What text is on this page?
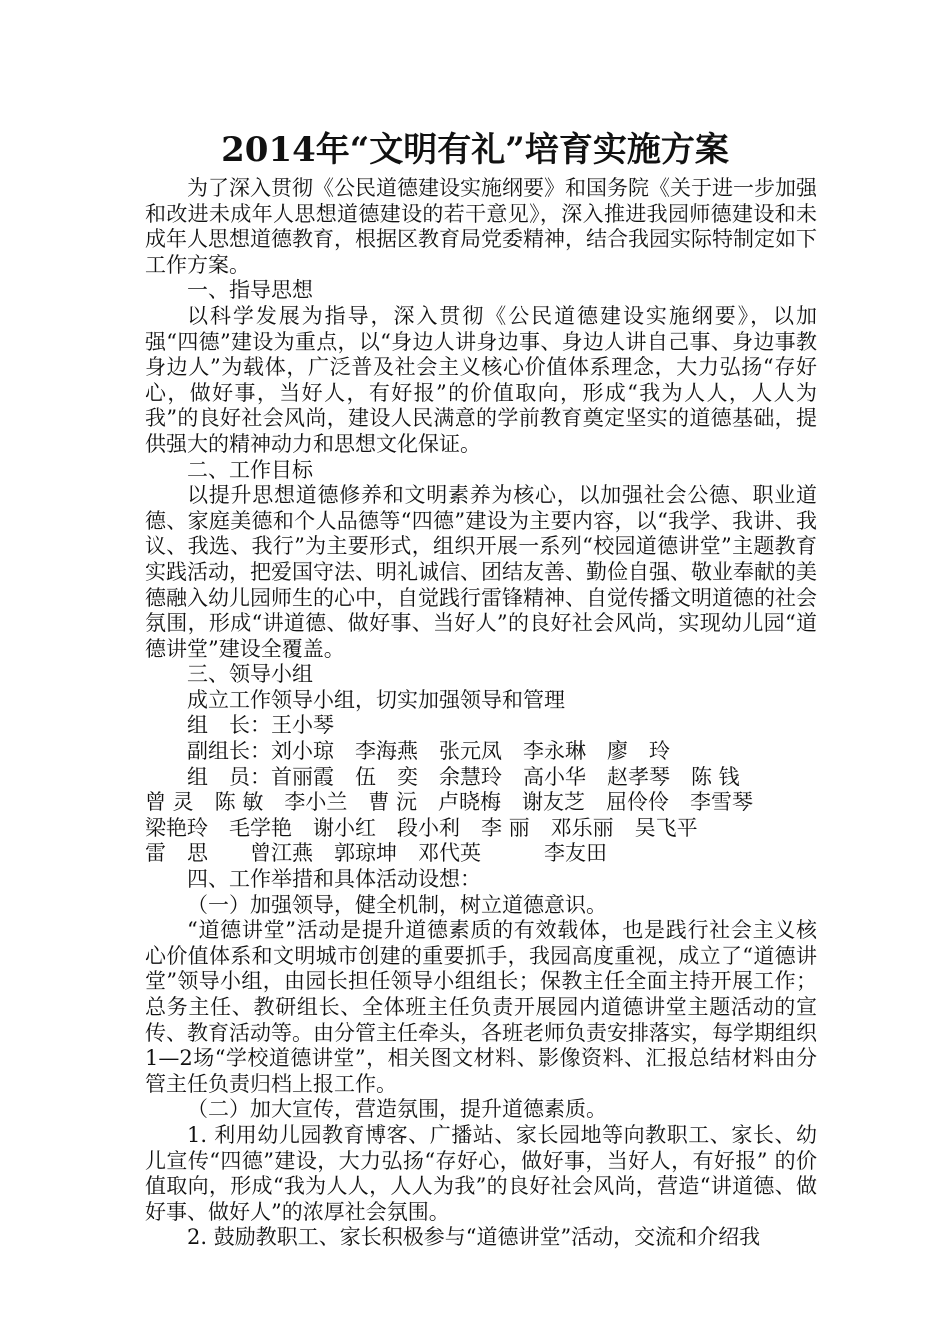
2014年“文明有礼”培育实施方案

为了深入贯彻《公民道德建设实施纲要》和国务院《关于进一步加强和改进未成年人思想道德建设的若干意见》，深入推进我园师德建设和未成年人思想道德教育，根据区教育局党委精神，结合我园实际特制定如下工作方案。

一、指导思想

以科学发展为指导，深入贯彻《公民道德建设实施纲要》，以加强“四德”建设为重点，以“身边人讲身边事、身边人讲自己事、身边事教身边人”为载体，广泛普及社会主义核心价值体系理念，大力弘扬“存好心，做好事，当好人，有好报”的价值取向，形成“我为人人，人人为我”的良好社会风尚，建设人民满意的学前教育奠定坚实的道德基础，提供强大的精神动力和思想文化保证。

二、工作目标

以提升思想道德修养和文明素养为核心，以加强社会公德、职业道德、家庭美德和个人品德等“四德”建设为主要内容，以“我学、我讲、我议、我选、我行”为主要形式，组织开展一系列“校园道德讲堂”主题教育实践活动，把爱国守法、明礼诚信、团结友善、勤俭自强、敬业奉献的美德融入幼儿园师生的心中，自觉践行雷锋精神、自觉传播文明道德的社会氛围，形成“讲道德、做好事、当好人”的良好社会风尚，实现幼儿园“道德讲堂”建设全覆盖。

三、领导小组

成立工作领导小组，切实加强领导和管理

组　长：王小琴

副组长：刘小琼　李海燕　张元凤　李永琳　廖　玲

组　员：首丽霞　伍　奕　余慧玲　高小华　赵孝琴　陈 钱

曾 灵　陈 敏　李小兰　曹 沅　卢晓梅　谢友芝　屈伶伶　李雪琴

梁艳玲　毛学艳　谢小红　段小利　李 丽　邓乐丽　吴飞平

雷　思　　曾江燕　郭琼坤　邓代英　　　李友田

四、工作举措和具体活动设想：

（一）加强领导，健全机制，树立道德意识。

“道德讲堂”活动是提升道德素质的有效载体，也是践行社会主义核心价值体系和文明城市创建的重要抓手，我园高度重视，成立了“道德讲堂”领导小组，由园长担任领导小组组长；保教主任全面主持开展工作；总务主任、教研组长、全体班主任负责开展园内道德讲堂主题活动的宣传、教育活动等。由分管主任牵头，各班老师负责安排落实，每学期组织1—2场“学校道德讲堂”，相关图文材料、影像资料、汇报总结材料由分管主任负责归档上报工作。

（二）加大宣传，营造氛围，提升道德素质。

1. 利用幼儿园教育博客、广播站、家长园地等向教职工、家长、幼儿宣传“四德”建设，大力弘扬“存好心，做好事，当好人，有好报” 的价值取向，形成“我为人人，人人为我”的良好社会风尚，营造“讲道德、做好事、做好人”的浓厚社会氛围。

2. 鼓励教职工、家长积极参与“道德讲堂”活动，交流和介绍我
